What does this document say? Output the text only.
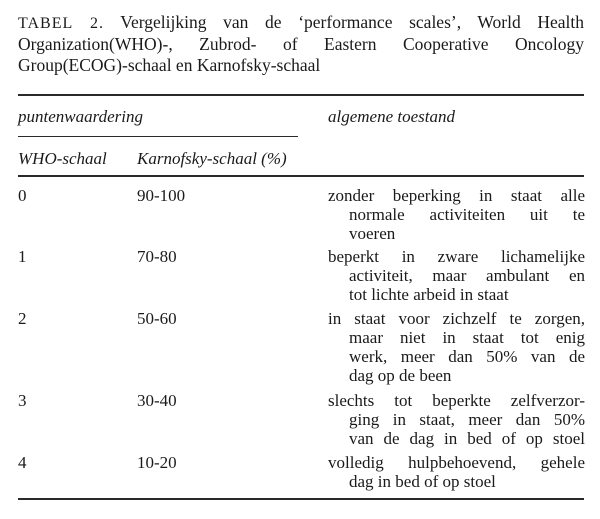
TABEL 2. Vergelijking van de ‘performance scales’, World Health Organization(WHO)-, Zubrod- of Eastern Cooperative Oncology Group(ECOG)-schaal en Karnofsky-schaal
puntenwaardering	algemene toestand
WHO-schaal Karnofsky-schaal (%)
0	90-100	zonder beperking in staat alle
normale activiteiten uit te
voeren
1	70-80	beperkt in zware lichamelijke
activiteit, maar ambulant en
tot lichte arbeid in staat
2	50-60	in staat voor zichzelf te zorgen,
maar niet in staat tot enig
werk, meer dan 50% van de
dag op de been
3	30-40	slechts tot beperkte zelfverzor-
ging in staat, meer dan 50%
van de dag in bed of op stoel
4	10-20	volledig hulpbehoevend, gehele
dag in bed of op stoel
